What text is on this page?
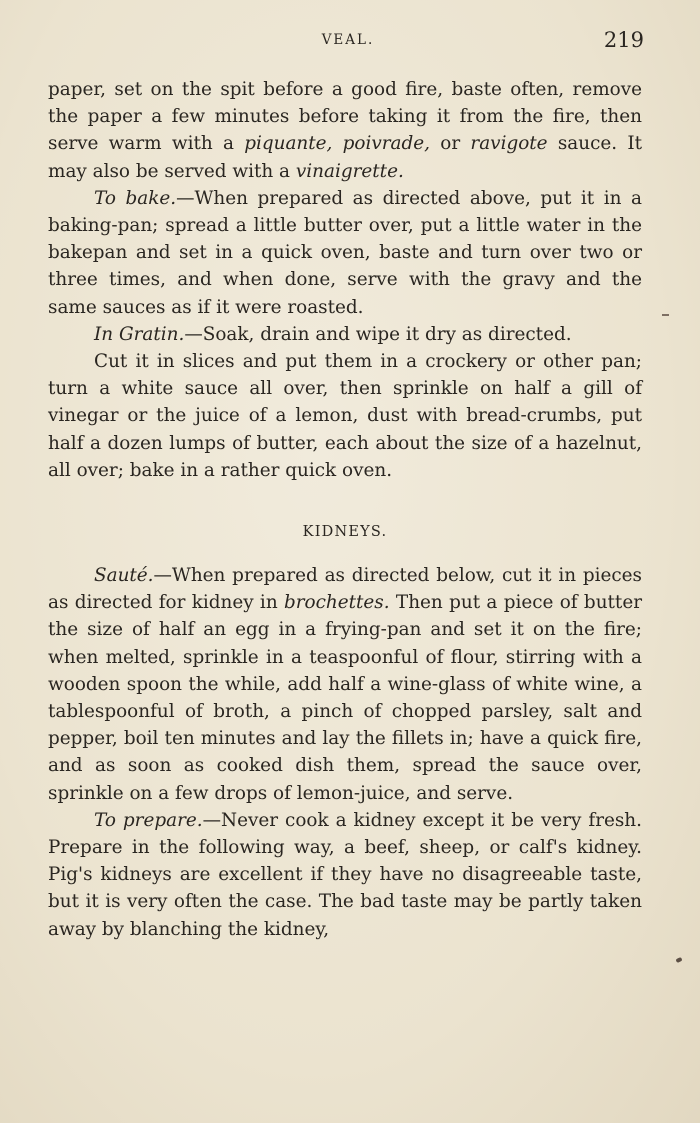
VEAL.	219

paper, set on the spit before a good fire, baste often, remove the paper a few minutes before taking it from the fire, then serve warm with a piquante, poivrade, or ravigote sauce. It may also be served with a vinaigrette.

To bake.—When prepared as directed above, put it in a baking-pan; spread a little butter over, put a little water in the bakepan and set in a quick oven, baste and turn over two or three times, and when done, serve with the gravy and the same sauces as if it were roasted.

In Gratin.—Soak, drain and wipe it dry as directed.

Cut it in slices and put them in a crockery or other pan; turn a white sauce all over, then sprinkle on half a gill of vinegar or the juice of a lemon, dust with bread-crumbs, put half a dozen lumps of butter, each about the size of a hazelnut, all over; bake in a rather quick oven.

KIDNEYS.

Sauté.—When prepared as directed below, cut it in pieces as directed for kidney in brochettes. Then put a piece of butter the size of half an egg in a frying-pan and set it on the fire; when melted, sprinkle in a teaspoonful of flour, stirring with a wooden spoon the while, add half a wine-glass of white wine, a tablespoonful of broth, a pinch of chopped parsley, salt and pepper, boil ten minutes and lay the fillets in; have a quick fire, and as soon as cooked dish them, spread the sauce over, sprinkle on a few drops of lemon-juice, and serve.

To prepare.—Never cook a kidney except it be very fresh. Prepare in the following way, a beef, sheep, or calf's kidney. Pig's kidneys are excellent if they have no disagreeable taste, but it is very often the case. The bad taste may be partly taken away by blanching the kidney,
